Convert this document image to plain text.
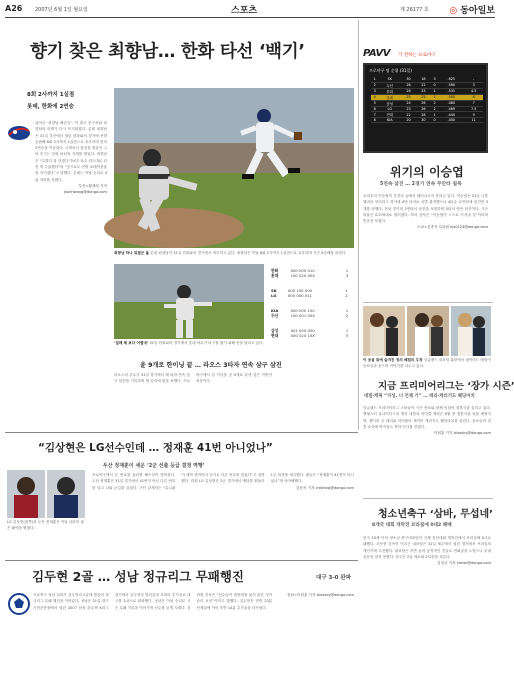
A26	2007년 6월 1일 월요일	스포츠	제 26177 호 ◎ 동아일보
향기 찾은 최향남… 한화 타선 ‘백기’
8회 2사까지 1실점
롯데, 한화에 2연승
살아난 ‘최향남 빠른공’. 이 광고 문구처럼 최향남의 어깨가 다시 뜨거워졌다. 롯데 최향남은 31일 부산에서 열린 한화와의 경기에 선발 등판해 8회 2사까지 1실점으로 호투하며 팀의 2연승을 이끌었다. 고비마다 삼진을 곁들인 그의 투구는 한화 타선의 기세를 꺾었다. 최향남은 “특별히 잘 던졌다기보다 포수 리드대로 던진 게 주효했다”며 “앞으로도 선발 로테이션을 잘 지키겠다”고 말했다. 롯데는 이날 승리로 4위 자리를 지켰다.
부산=황재성 기자 jsonhwang@donga.com
최향남 하나 뒤졌군 돌 롯데 최향남이 31일 한화와의 경기에서 역투하고 있다. 최향남은 이날 8회 2사까지 1실점으로 호투하며 시즌 4승째를 올렸다.
‘설레 체 보다 어렵네’ 31일 한화와의 경기에서 롯데 야수가 타구를 잡기 위해 몸을 날리고 있다.
한화	000 000 010	1
롯데	100 020 00X	3
SK	000 100 000	1
LG	000 000 011	2
KIA	000 000 100	1
두산	100 001 00X	2
삼성	001 000 000	1
현대	000 020 10X	3
윤 9개로 한이닝 끝 … 라오스 3타자 연속 삼구 삼진
라오스의 투수가 31일 경기에서 세 타자 연속 삼구 삼진을 기록하며 팀 승리에 힘을 보탰다. 프로야구에서 한 이닝을 공 9개로 끝낸 것은 이번이 처음이다.
PAVV 가 전하는 프로야구
프로야구 팀 순위 (31일)
1	SK	30	18	3	.625	-
2	두산	28	22	0	.560	3
3	한화	26	23	1	.531	4.5
4	롯데	25	25	1	.500	6
5	삼성	24	26	2	.480	7
6	LG	23	26	2	.469	7.5
7	현대	22	28	1	.440	9
8	KIA	20	30	0	.400	11
위기의 이승엽
5연속 삼진 … 2경기 연속 무안타 침묵
요미우리 이승엽이 부진의 늪에서 헤어나오지 못하고 있다. 이승엽은 31일 니혼햄과의 인터리그 경기에 4번 타자로 선발 출전했으나 4타수 무안타에 삼진만 3개를 당했다. 전날 경기의 2연타석 삼진을 포함하면 5타석 연속 삼진이다. 시즌 타율은 0.270대로 떨어졌다. 하라 감독은 “이승엽이 스스로 이겨낼 것”이라며 믿음을 보였다.
도쿄=김종석 특파원 kjs0123@donga.com
이 웃음 뒤에 숨겨진 정의 베컴의 우정 잉글랜드 대표팀 훈련에서 데이비드 베컴이 동료들과 웃으며 이야기를 나누고 있다.
지금 프리미어리그는 ‘장가 시즌’
네빌·캐릭 “지성, 너 언제 가” … 테리·캐러거도 웨딩마치
잉글랜드 프리미어리그 스타들이 시즌 종료와 함께 잇달아 결혼식을 올리고 있다. 맨체스터 유나이티드의 게리 네빌과 마이클 캐릭은 6월 중 결혼식을 치를 예정이며, 첼시의 존 테리와 리버풀의 제이미 캐러거도 웨딩마치를 울린다. 동료들의 결혼 소식에 박지성도 축하 인사를 건넸다.
이원홍 기자 bluesky@donga.com
청소년축구 ‘삼바, 무섭네’
8개국 대회 개막전 브라질에 0대2 패배
한국 20세 이하 청소년 축구대표팀이 국제 친선대회 개막전에서 브라질에 0-2로 패했다. 조동현 감독이 이끄는 대표팀은 31일 제주에서 열린 경기에서 브라질의 개인기에 고전했다. 대표팀은 후반 들어 공격적인 전술로 만회골을 노렸으나 끝내 골문을 열지 못했다. 한국은 2일 체코와 2차전을 치른다.
김성규 기자 kimsk@donga.com
“김상현은 LG선수인데 … 정재훈 41번 아니었나”
두산 정재훈이 세운 ‘2군 선출 등급 결정 역행’
LG 김상현(왼쪽)과 두산 정재훈은 이날 나란히 좋은 활약을 펼쳤다.
프로야구에서 등 번호를 둘러싼 해프닝이 벌어졌다. 두산 정재훈은 31일 경기에서 41번이 아닌 다른 번호를 달고 나와 눈길을 끌었다. 구단 관계자는 “유니폼이 세탁 중이어서 임시로 다른 번호를 달았다”고 설명했다. 한편 LG 김상현은 2군 경기에서 맹타를 휘둘러 1군 복귀를 예고했다. 팬들은 “정재훈이 41번이 아니었나”며 의아해했다.
김동욱 기자 creating@donga.com
김두현 2골 … 성남 정규리그 무패행진	대구 3-0 완파
프로축구 성남 일화가 김두현의 2골에 힘입어 정규리그 무패 행진을 이어갔다. 성남은 31일 대구 시민운동장에서 열린 2007 삼성 하우젠 K리그 경기에서 김두현의 멀티골과 모따의 추가골로 대구를 3-0으로 완파했다. 성남은 이날 승리로 시즌 무패 기록을 이어가며 선두를 굳게 지켰다. 김학범 감독은 “선수들이 집중력을 잃지 않은 것이 승리 요인”이라고 말했다. 김두현은 전반 23분 선제골에 이어 후반 10분 추가골을 터뜨렸다.
성남=이원홍 기자 bluesky@donga.com
